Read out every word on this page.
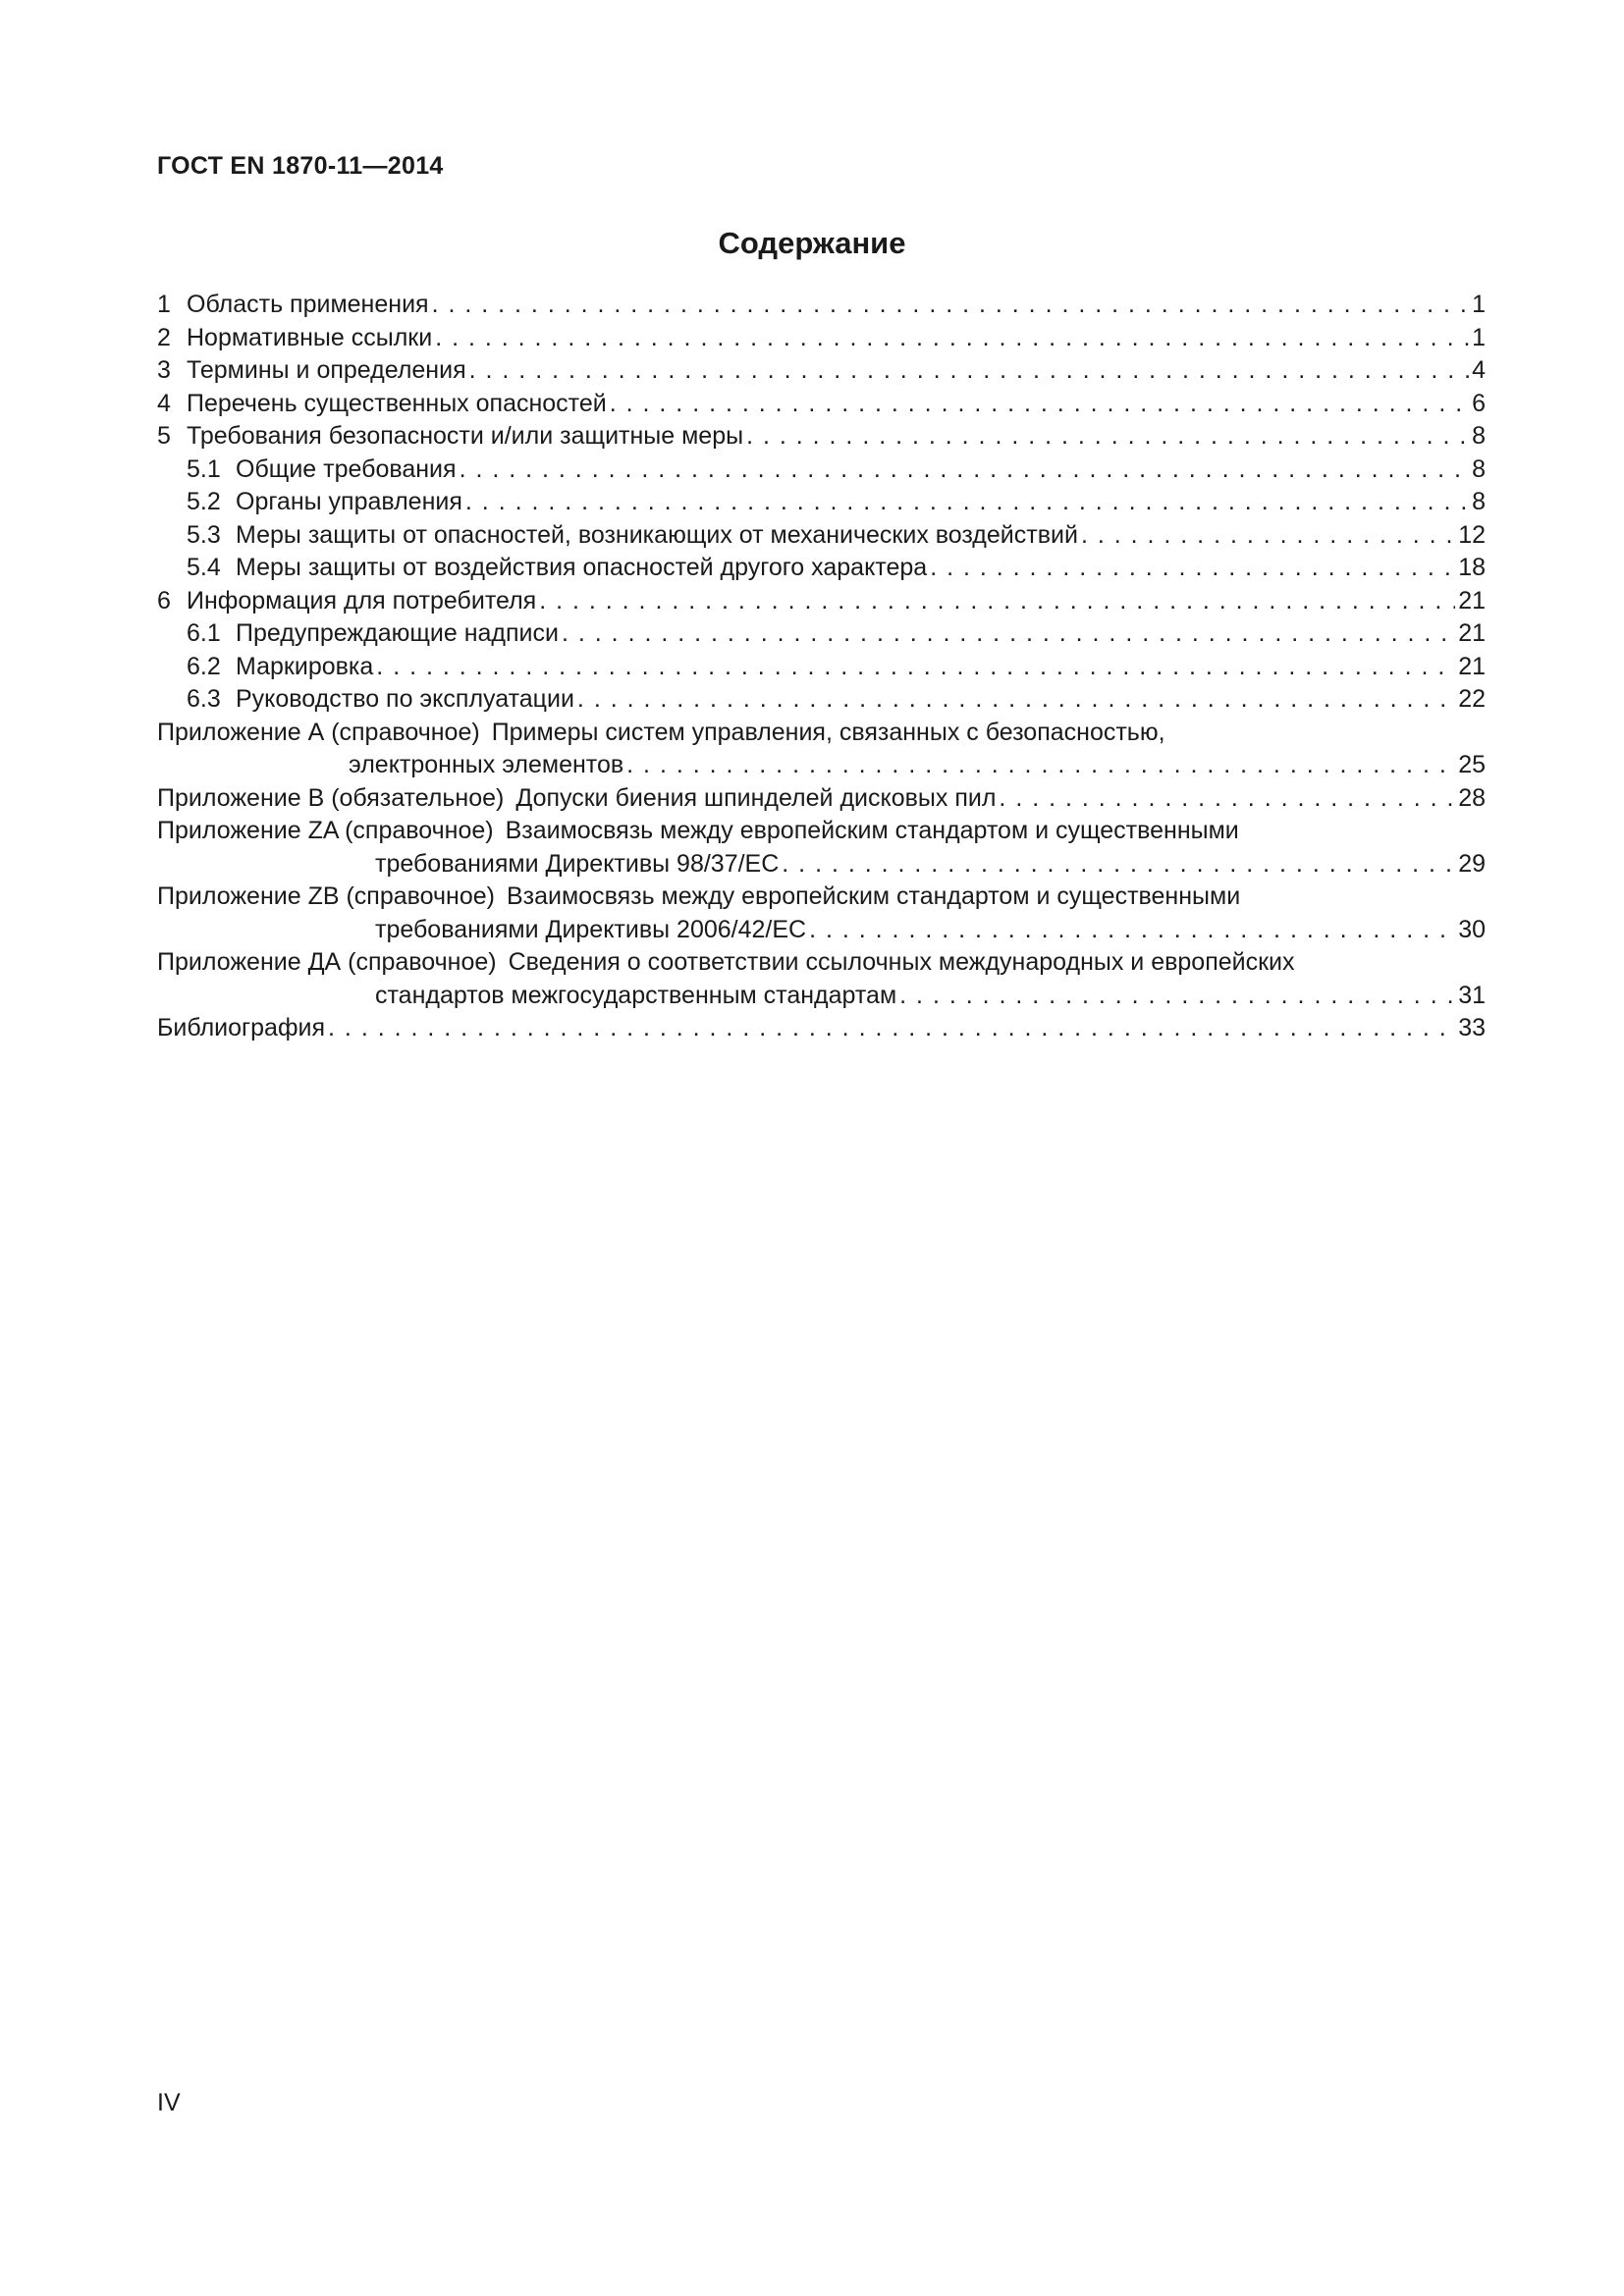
ГОСТ EN 1870-11—2014
Содержание
1 Область применения . . .	1
2 Нормативные ссылки . . .	1
3 Термины и определения . . .	4
4 Перечень существенных опасностей . . .	6
5 Требования безопасности и/или защитные меры . . .	8
5.1 Общие требования . . .	8
5.2 Органы управления . . .	8
5.3 Меры защиты от опасностей, возникающих от механических воздействий . . .	12
5.4 Меры защиты от воздействия опасностей другого характера . . .	18
6 Информация для потребителя . . .	21
6.1 Предупреждающие надписи . . .	21
6.2 Маркировка . . .	21
6.3 Руководство по эксплуатации . . .	22
Приложение А (справочное) Примеры систем управления, связанных с безопасностью,
электронных элементов . . .	25
Приложение В (обязательное) Допуски биения шпинделей дисковых пил . . .	28
Приложение ZA (справочное) Взаимосвязь между европейским стандартом и существенными
требованиями Директивы 98/37/ЕС . . .	29
Приложение ZB (справочное) Взаимосвязь между европейским стандартом и существенными
требованиями Директивы 2006/42/ЕС . . .	30
Приложение ДА (справочное) Сведения о соответствии ссылочных международных и европейских
стандартов межгосударственным стандартам . . .	31
Библиография . . .	33
IV
